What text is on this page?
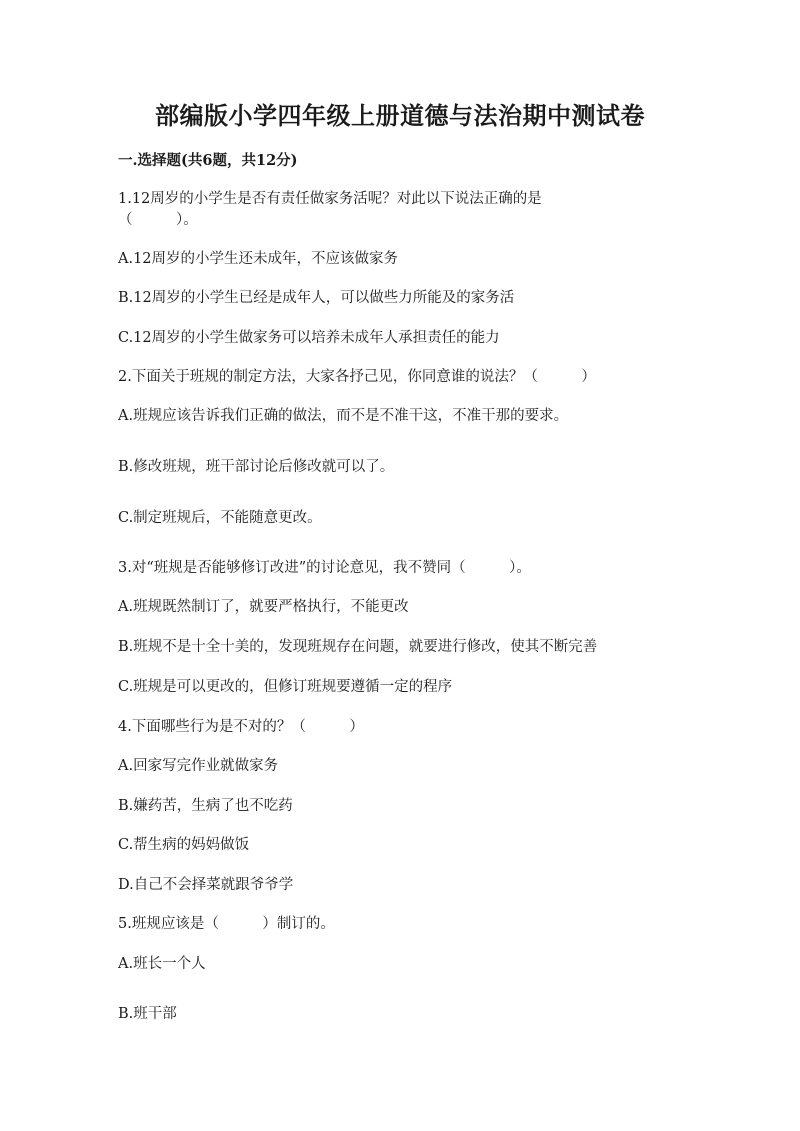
部编版小学四年级上册道德与法治期中测试卷

一.选择题(共6题，共12分)

1.12周岁的小学生是否有责任做家务活呢？对此以下说法正确的是

（　　　）。

A.12周岁的小学生还未成年，不应该做家务

B.12周岁的小学生已经是成年人，可以做些力所能及的家务活

C.12周岁的小学生做家务可以培养未成年人承担责任的能力

2.下面关于班规的制定方法，大家各抒己见，你同意谁的说法？（　　　）

A.班规应该告诉我们正确的做法，而不是不准干这，不准干那的要求。

B.修改班规，班干部讨论后修改就可以了。

C.制定班规后，不能随意更改。

3.对“班规是否能够修订改进”的讨论意见，我不赞同（　　　）。

A.班规既然制订了，就要严格执行，不能更改

B.班规不是十全十美的，发现班规存在问题，就要进行修改，使其不断完善

C.班规是可以更改的，但修订班规要遵循一定的程序

4.下面哪些行为是不对的？（　　　）

A.回家写完作业就做家务

B.嫌药苦，生病了也不吃药

C.帮生病的妈妈做饭

D.自己不会择菜就跟爷爷学

5.班规应该是（　　　）制订的。

A.班长一个人

B.班干部
